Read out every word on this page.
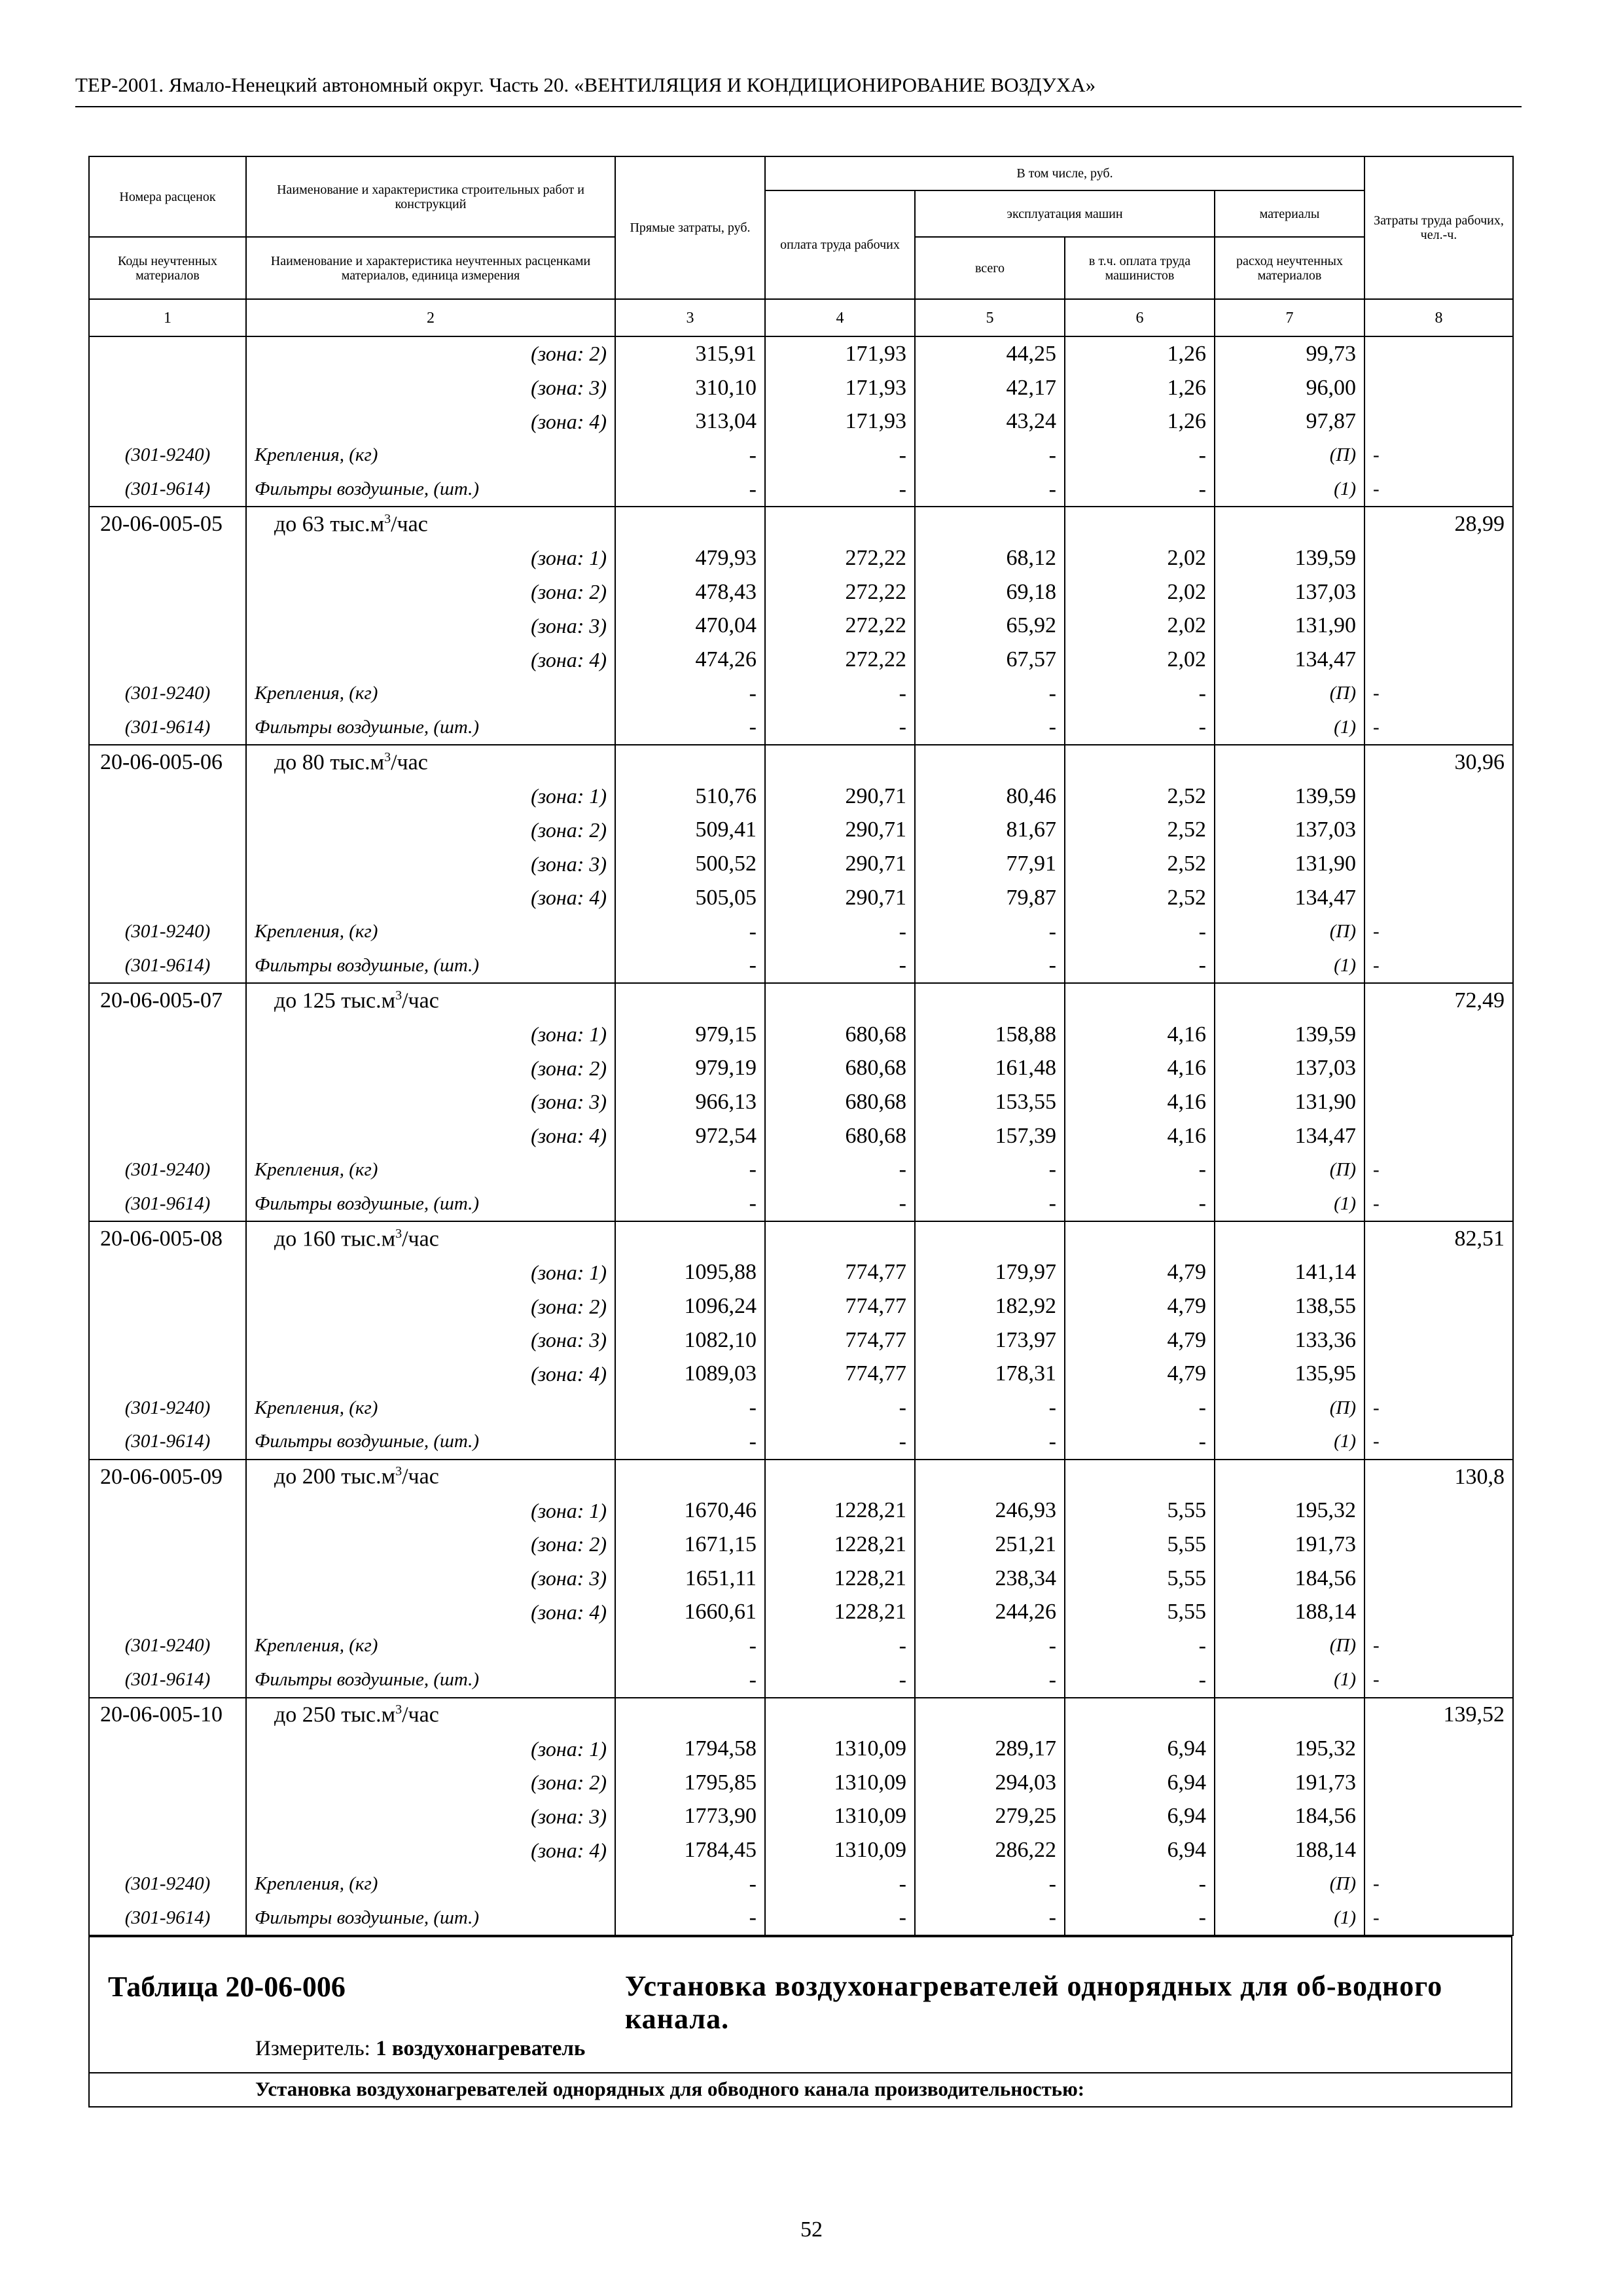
ТЕР-2001. Ямало-Ненецкий автономный округ. Часть 20. «ВЕНТИЛЯЦИЯ И КОНДИЦИОНИРОВАНИЕ ВОЗДУХА»
Номера расценок	Наименование и характеристика строительных работ и конструкций	Прямые затраты, руб.	В том числе, руб.				Затраты труда рабочих, чел.-ч.
			оплата труда рабочих	эксплуатация машин		материалы	
Коды неучтенных материалов	Наименование и характеристика неучтенных расценками материалов, единица измерения			всего	в т.ч. оплата труда машинистов	расход неучтенных материалов	
1	2	3	4	5	6	7	8
	(зона: 2)	315,91	171,93	44,25	1,26	99,73	
	(зона: 3)	310,10	171,93	42,17	1,26	96,00	
	(зона: 4)	313,04	171,93	43,24	1,26	97,87	
(301-9240)	Крепления, (кг)	-	-	-	-	(П)	-
(301-9614)	Фильтры воздушные, (шт.)	-	-	-	-	(1)	-
20-06-005-05	до 63 $тыс.м^3$/час						28,99
	(зона: 1)	479,93	272,22	68,12	2,02	139,59	
	(зона: 2)	478,43	272,22	69,18	2,02	137,03	
	(зона: 3)	470,04	272,22	65,92	2,02	131,90	
	(зона: 4)	474,26	272,22	67,57	2,02	134,47	
(301-9240)	Крепления, (кг)	-	-	-	-	(П)	-
(301-9614)	Фильтры воздушные, (шт.)	-	-	-	-	(1)	-
20-06-005-06	до 80 $тыс.м^3$/час						30,96
	(зона: 1)	510,76	290,71	80,46	2,52	139,59	
	(зона: 2)	509,41	290,71	81,67	2,52	137,03	
	(зона: 3)	500,52	290,71	77,91	2,52	131,90	
	(зона: 4)	505,05	290,71	79,87	2,52	134,47	
(301-9240)	Крепления, (кг)	-	-	-	-	(П)	-
(301-9614)	Фильтры воздушные, (шт.)	-	-	-	-	(1)	-
20-06-005-07	до 125 $тыс.м^3$/час						72,49
	(зона: 1)	979,15	680,68	158,88	4,16	139,59	
	(зона: 2)	979,19	680,68	161,48	4,16	137,03	
	(зона: 3)	966,13	680,68	153,55	4,16	131,90	
	(зона: 4)	972,54	680,68	157,39	4,16	134,47	
(301-9240)	Крепления, (кг)	-	-	-	-	(П)	-
(301-9614)	Фильтры воздушные, (шт.)	-	-	-	-	(1)	-
20-06-005-08	до 160 $тыс.м^3$/час						82,51
	(зона: 1)	1095,88	774,77	179,97	4,79	141,14	
	(зона: 2)	1096,24	774,77	182,92	4,79	138,55	
	(зона: 3)	1082,10	774,77	173,97	4,79	133,36	
	(зона: 4)	1089,03	774,77	178,31	4,79	135,95	
(301-9240)	Крепления, (кг)	-	-	-	-	(П)	-
(301-9614)	Фильтры воздушные, (шт.)	-	-	-	-	(1)	-
20-06-005-09	до 200 $тыс.м^3$/час						130,8
	(зона: 1)	1670,46	1228,21	246,93	5,55	195,32	
	(зона: 2)	1671,15	1228,21	251,21	5,55	191,73	
	(зона: 3)	1651,11	1228,21	238,34	5,55	184,56	
	(зона: 4)	1660,61	1228,21	244,26	5,55	188,14	
(301-9240)	Крепления, (кг)	-	-	-	-	(П)	-
(301-9614)	Фильтры воздушные, (шт.)	-	-	-	-	(1)	-
20-06-005-10	до 250 $тыс.м^3$/час						139,52
	(зона: 1)	1794,58	1310,09	289,17	6,94	195,32	
	(зона: 2)	1795,85	1310,09	294,03	6,94	191,73	
	(зона: 3)	1773,90	1310,09	279,25	6,94	184,56	
	(зона: 4)	1784,45	1310,09	286,22	6,94	188,14	
(301-9240)	Крепления, (кг)	-	-	-	-	(П)	-
(301-9614)	Фильтры воздушные, (шт.)	-	-	-	-	(1)	-
Таблица 20-06-006	Установка воздухонагревателей однорядных для об-водного канала.
Измеритель: 1 воздухонагреватель
Установка воздухонагревателей однорядных для обводного канала производительностью:
52
